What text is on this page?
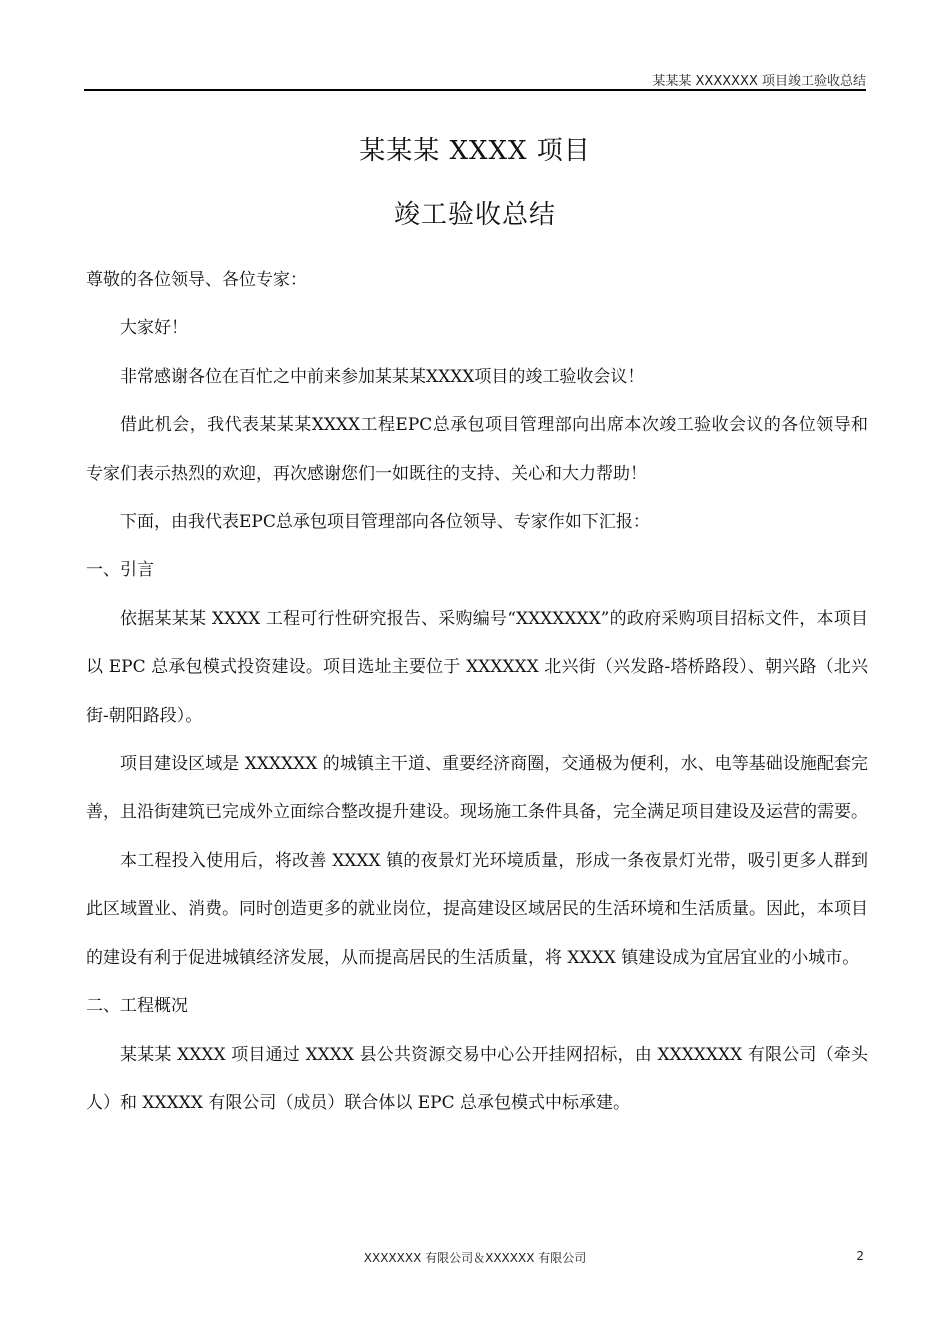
某某某 XXXXXXX 项目竣工验收总结
某某某 XXXX 项目
竣工验收总结

尊敬的各位领导、各位专家：

大家好！

非常感谢各位在百忙之中前来参加某某某XXXX项目的竣工验收会议！

借此机会，我代表某某某XXXX工程EPC总承包项目管理部向出席本次竣工验收会议的各位领导和专家们表示热烈的欢迎，再次感谢您们一如既往的支持、关心和大力帮助！

下面，由我代表EPC总承包项目管理部向各位领导、专家作如下汇报：

一、引言

依据某某某 XXXX 工程可行性研究报告、采购编号“XXXXXXX”的政府采购项目招标文件，本项目以 EPC 总承包模式投资建设。项目选址主要位于 XXXXXX 北兴街（兴发路-塔桥路段）、朝兴路（北兴街-朝阳路段）。

项目建设区域是 XXXXXX 的城镇主干道、重要经济商圈，交通极为便利，水、电等基础设施配套完善，且沿街建筑已完成外立面综合整改提升建设。现场施工条件具备，完全满足项目建设及运营的需要。

本工程投入使用后，将改善 XXXX 镇的夜景灯光环境质量，形成一条夜景灯光带，吸引更多人群到此区域置业、消费。同时创造更多的就业岗位，提高建设区域居民的生活环境和生活质量。因此，本项目的建设有利于促进城镇经济发展，从而提高居民的生活质量，将 XXXX 镇建设成为宜居宜业的小城市。

二、工程概况

某某某 XXXX 项目通过 XXXX 县公共资源交易中心公开挂网招标，由 XXXXXXX 有限公司（牵头人）和 XXXXX 有限公司（成员）联合体以 EPC 总承包模式中标承建。

XXXXXXX 有限公司＆XXXXXX 有限公司	2
